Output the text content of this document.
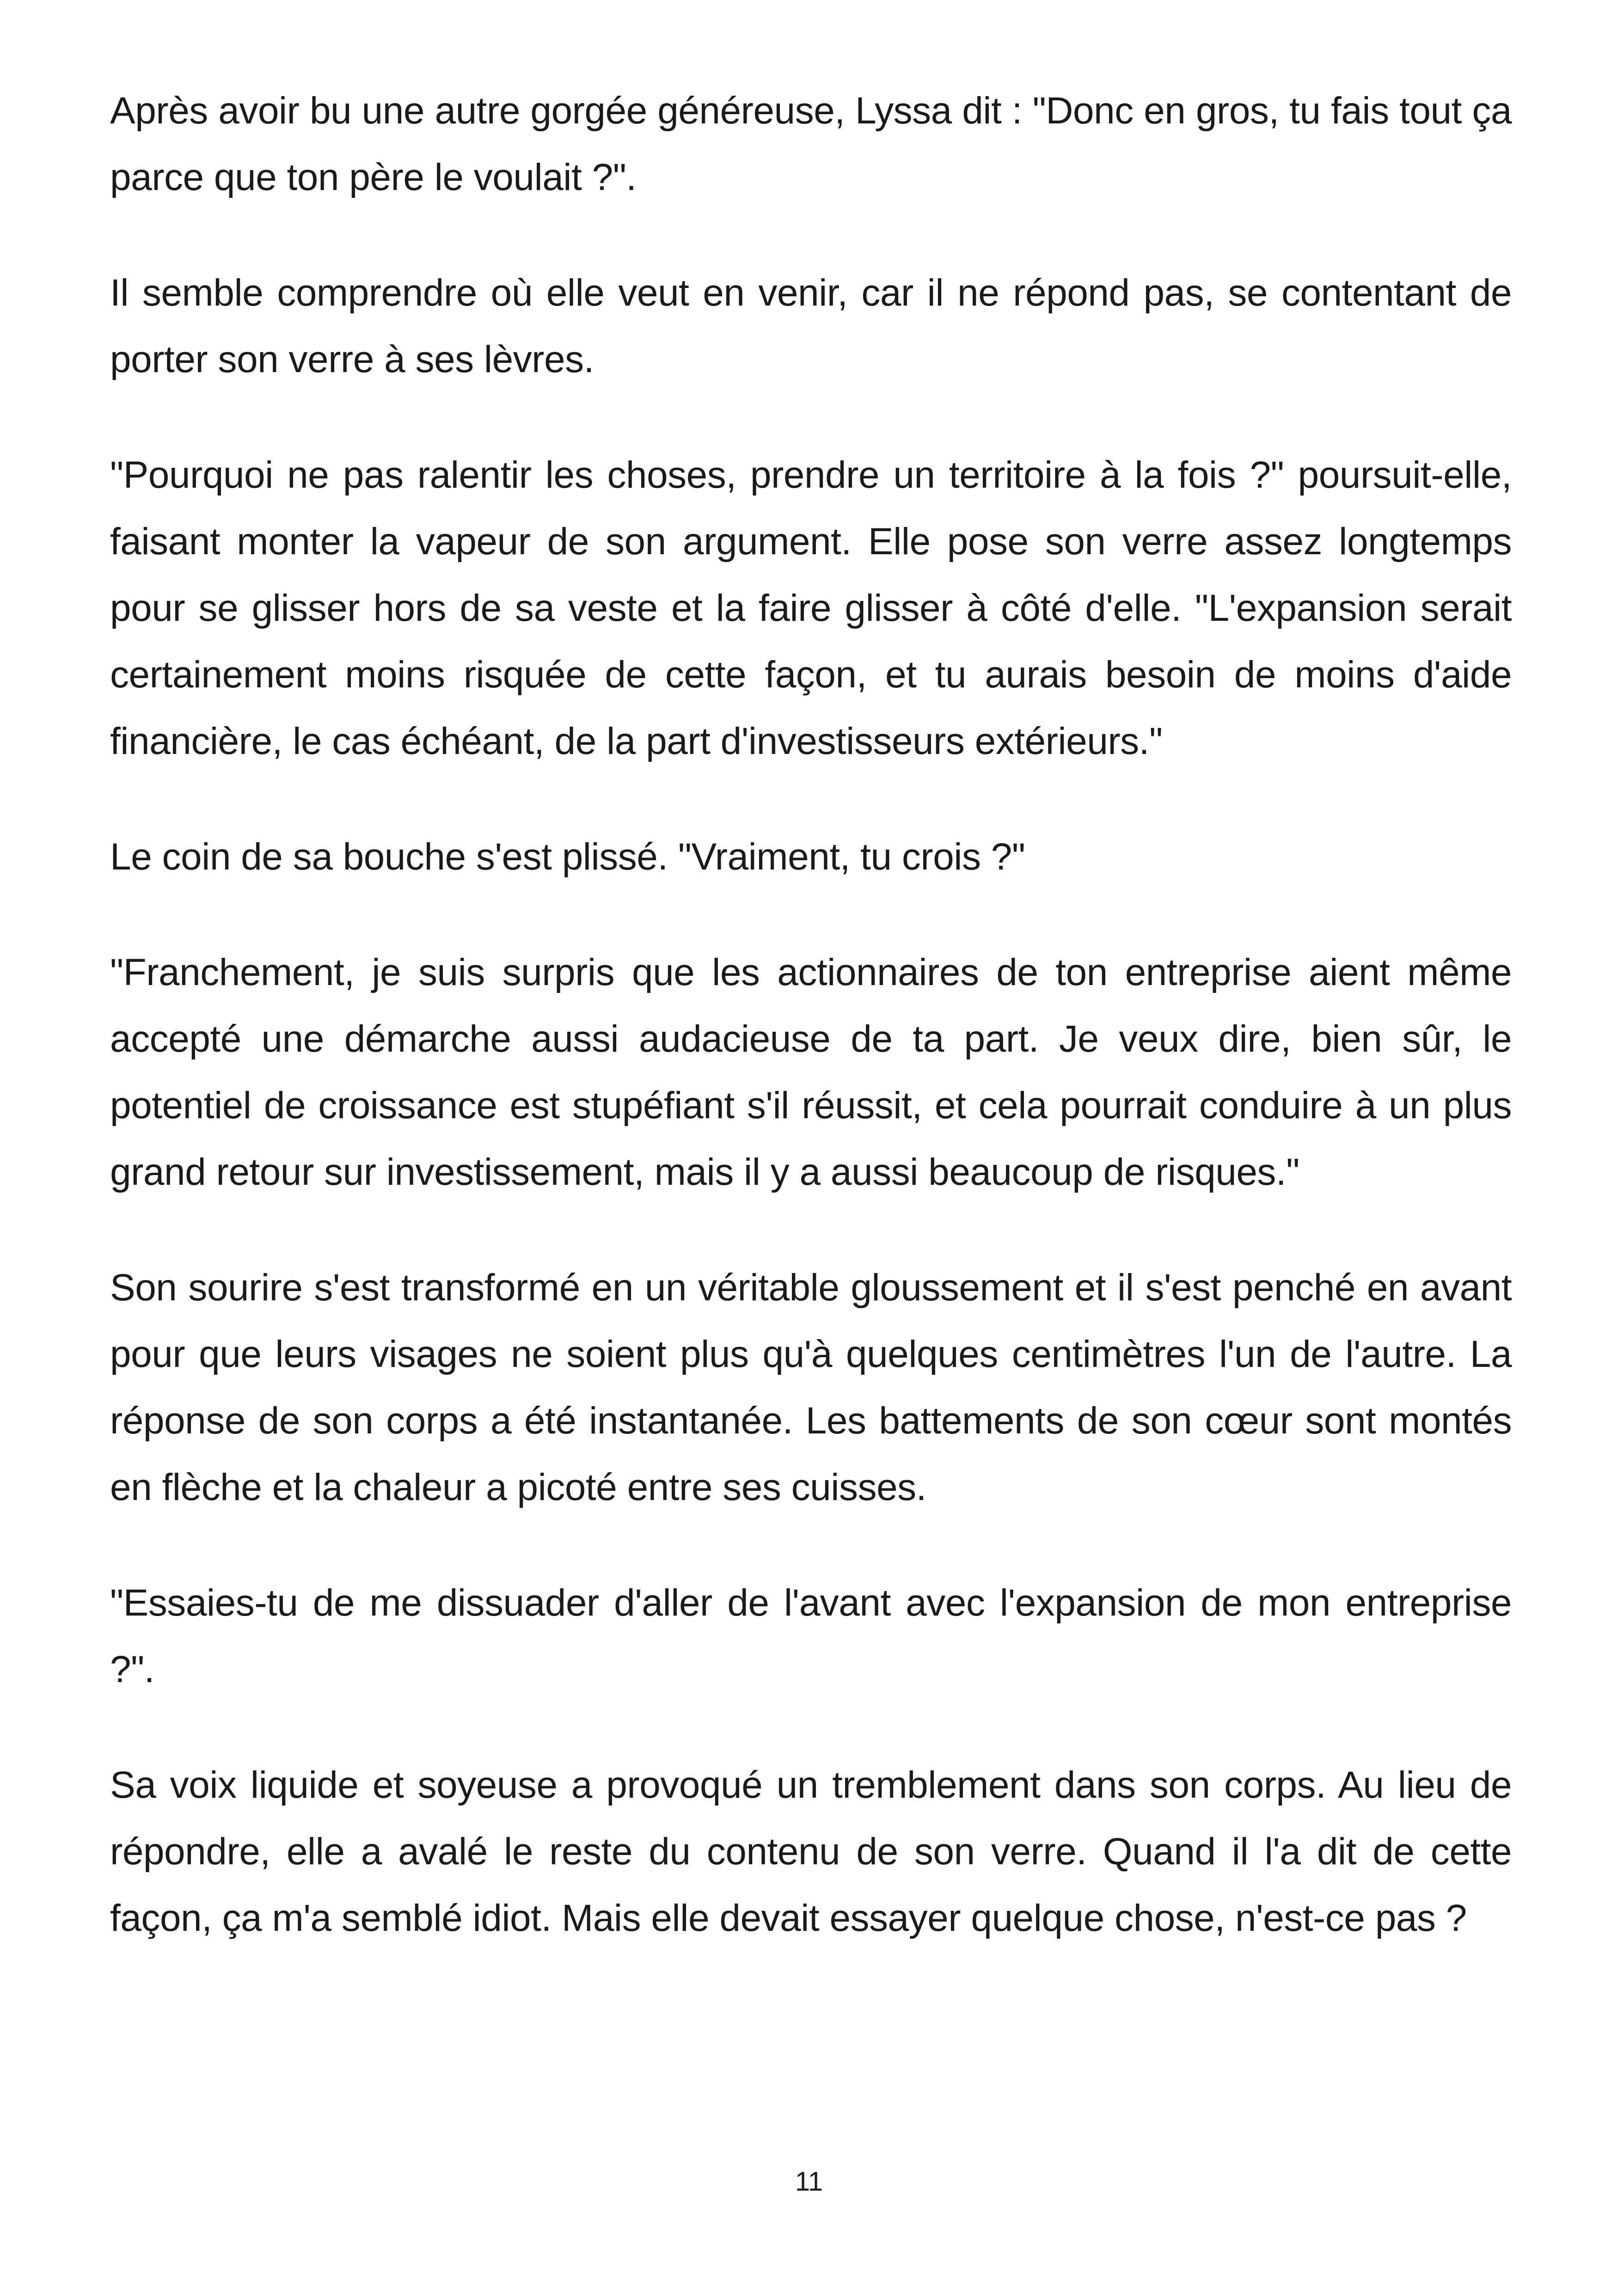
Après avoir bu une autre gorgée généreuse, Lyssa dit : "Donc en gros, tu fais tout ça parce que ton père le voulait ?".

Il semble comprendre où elle veut en venir, car il ne répond pas, se contentant de porter son verre à ses lèvres.

"Pourquoi ne pas ralentir les choses, prendre un territoire à la fois ?" poursuit-elle, faisant monter la vapeur de son argument. Elle pose son verre assez longtemps pour se glisser hors de sa veste et la faire glisser à côté d'elle. "L'expansion serait certainement moins risquée de cette façon, et tu aurais besoin de moins d'aide financière, le cas échéant, de la part d'investisseurs extérieurs."

Le coin de sa bouche s'est plissé. "Vraiment, tu crois ?"

"Franchement, je suis surpris que les actionnaires de ton entreprise aient même accepté une démarche aussi audacieuse de ta part. Je veux dire, bien sûr, le potentiel de croissance est stupéfiant s'il réussit, et cela pourrait conduire à un plus grand retour sur investissement, mais il y a aussi beaucoup de risques."

Son sourire s'est transformé en un véritable gloussement et il s'est penché en avant pour que leurs visages ne soient plus qu'à quelques centimètres l'un de l'autre. La réponse de son corps a été instantanée. Les battements de son cœur sont montés en flèche et la chaleur a picoté entre ses cuisses.

"Essaies-tu de me dissuader d'aller de l'avant avec l'expansion de mon entreprise ?".

Sa voix liquide et soyeuse a provoqué un tremblement dans son corps. Au lieu de répondre, elle a avalé le reste du contenu de son verre. Quand il l'a dit de cette façon, ça m'a semblé idiot. Mais elle devait essayer quelque chose, n'est-ce pas ?

11
